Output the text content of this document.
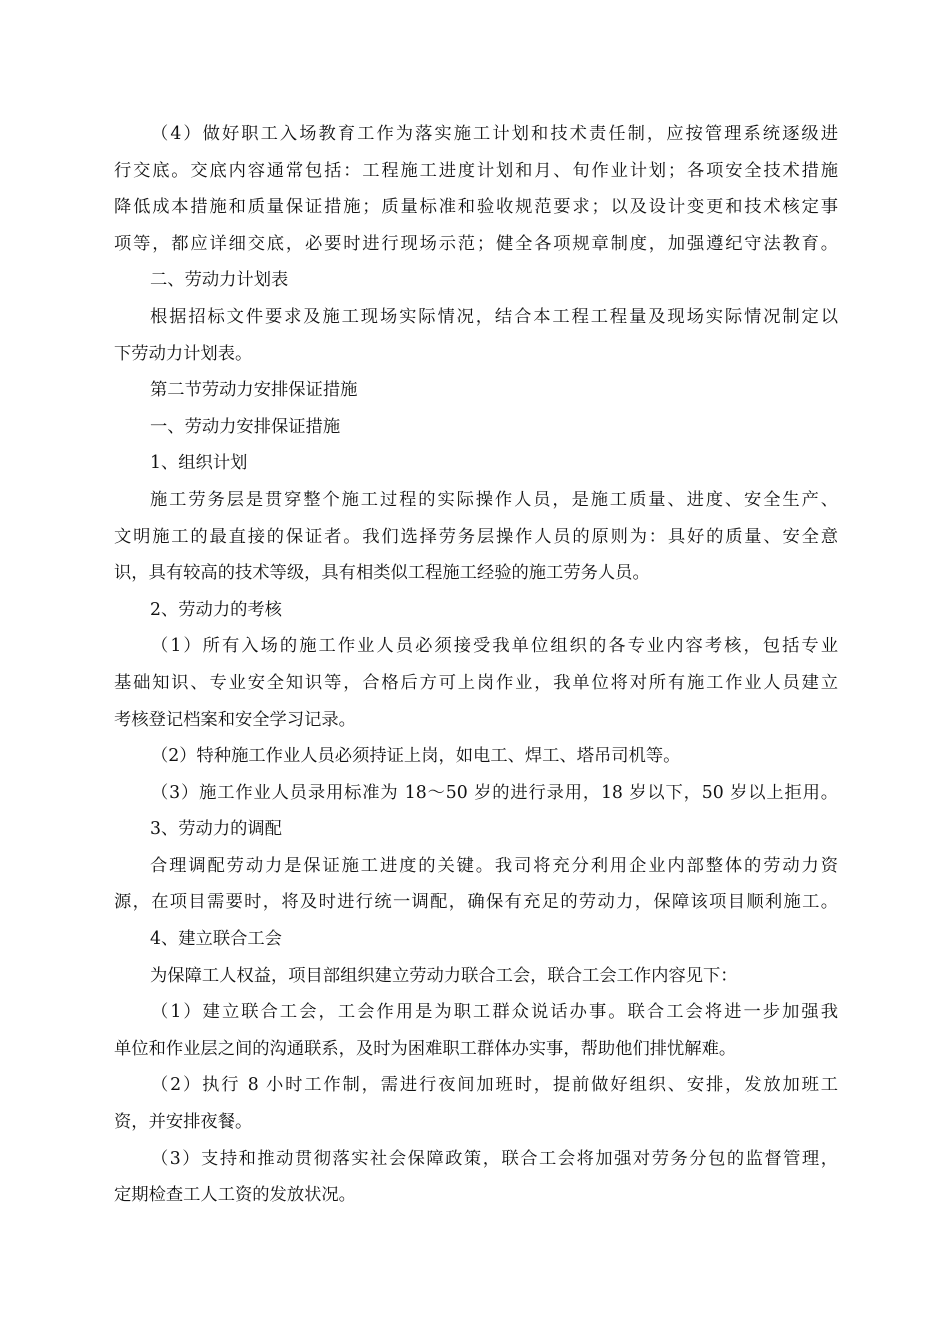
（4）做好职工入场教育工作为落实施工计划和技术责任制，应按管理系统逐级进
行交底。交底内容通常包括：工程施工进度计划和月、旬作业计划；各项安全技术措施
降低成本措施和质量保证措施；质量标准和验收规范要求；以及设计变更和技术核定事
项等，都应详细交底，必要时进行现场示范；健全各项规章制度，加强遵纪守法教育。
二、劳动力计划表
根据招标文件要求及施工现场实际情况，结合本工程工程量及现场实际情况制定以
下劳动力计划表。
第二节劳动力安排保证措施
一、劳动力安排保证措施
1、组织计划
施工劳务层是贯穿整个施工过程的实际操作人员，是施工质量、进度、安全生产、
文明施工的最直接的保证者。我们选择劳务层操作人员的原则为：具好的质量、安全意
识，具有较高的技术等级，具有相类似工程施工经验的施工劳务人员。
2、劳动力的考核
（1）所有入场的施工作业人员必须接受我单位组织的各专业内容考核，包括专业
基础知识、专业安全知识等，合格后方可上岗作业，我单位将对所有施工作业人员建立
考核登记档案和安全学习记录。
（2）特种施工作业人员必须持证上岗，如电工、焊工、塔吊司机等。
（3）施工作业人员录用标准为 18～50 岁的进行录用，18 岁以下，50 岁以上拒用。
3、劳动力的调配
合理调配劳动力是保证施工进度的关键。我司将充分利用企业内部整体的劳动力资
源，在项目需要时，将及时进行统一调配，确保有充足的劳动力，保障该项目顺利施工。
4、建立联合工会
为保障工人权益，项目部组织建立劳动力联合工会，联合工会工作内容见下：
（1）建立联合工会，工会作用是为职工群众说话办事。联合工会将进一步加强我
单位和作业层之间的沟通联系，及时为困难职工群体办实事，帮助他们排忧解难。
（2）执行 8 小时工作制，需进行夜间加班时，提前做好组织、安排，发放加班工
资，并安排夜餐。
（3）支持和推动贯彻落实社会保障政策，联合工会将加强对劳务分包的监督管理，
定期检查工人工资的发放状况。
